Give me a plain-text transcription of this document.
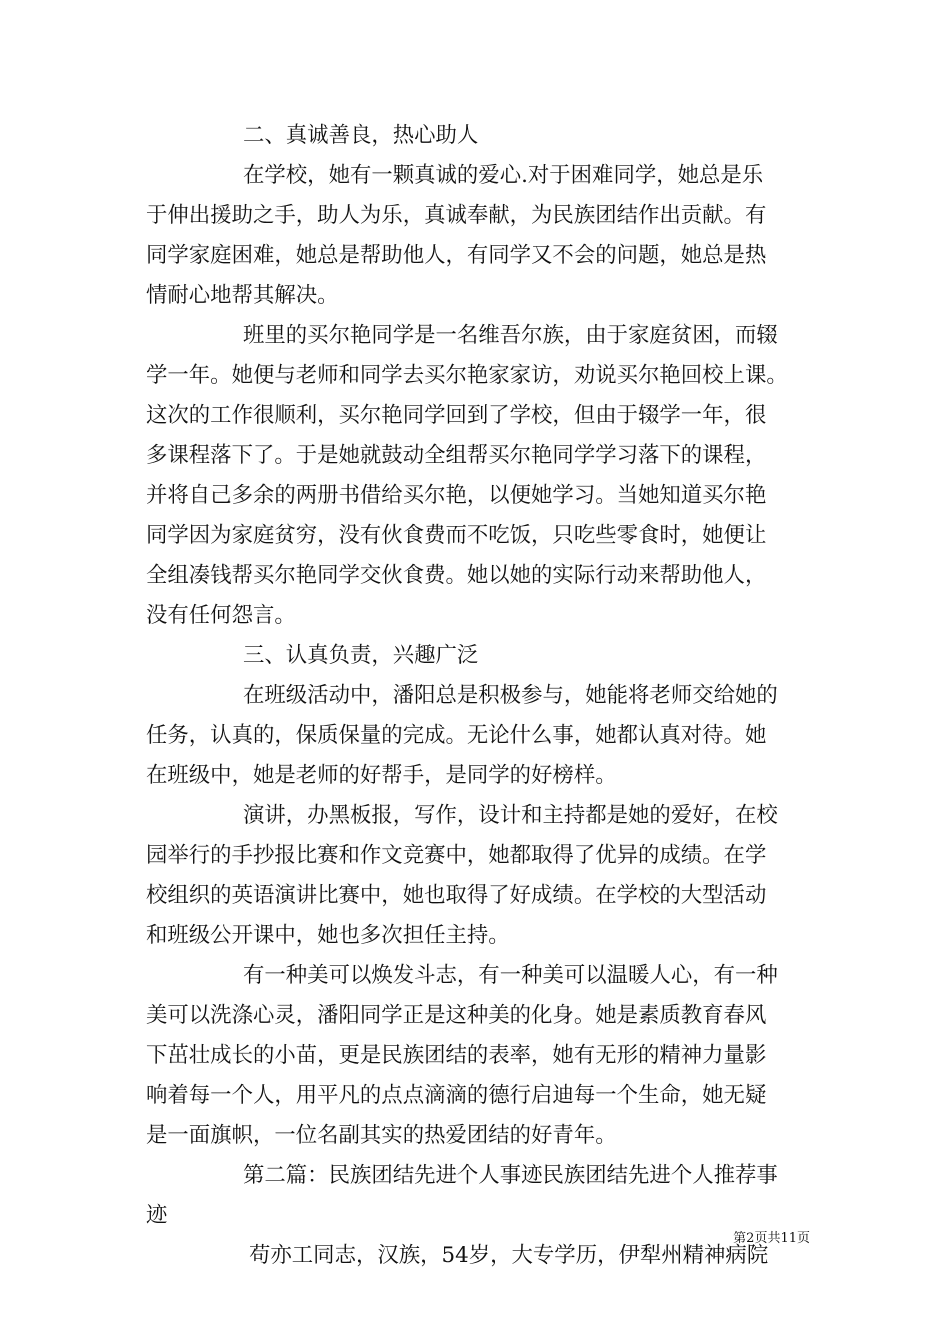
二、真诚善良，热心助人
在学校，她有一颗真诚的爱心.对于困难同学，她总是乐
于伸出援助之手，助人为乐，真诚奉献，为民族团结作出贡献。有
同学家庭困难，她总是帮助他人，有同学又不会的问题，她总是热
情耐心地帮其解决。
班里的买尔艳同学是一名维吾尔族，由于家庭贫困，而辍
学一年。她便与老师和同学去买尔艳家家访，劝说买尔艳回校上课。
这次的工作很顺利，买尔艳同学回到了学校，但由于辍学一年，很
多课程落下了。于是她就鼓动全组帮买尔艳同学学习落下的课程，
并将自己多余的两册书借给买尔艳，以便她学习。当她知道买尔艳
同学因为家庭贫穷，没有伙食费而不吃饭，只吃些零食时，她便让
全组凑钱帮买尔艳同学交伙食费。她以她的实际行动来帮助他人，
没有任何怨言。
三、认真负责，兴趣广泛
在班级活动中，潘阳总是积极参与，她能将老师交给她的
任务，认真的，保质保量的完成。无论什么事，她都认真对待。她
在班级中，她是老师的好帮手，是同学的好榜样。
演讲，办黑板报，写作，设计和主持都是她的爱好，在校
园举行的手抄报比赛和作文竞赛中，她都取得了优异的成绩。在学
校组织的英语演讲比赛中，她也取得了好成绩。在学校的大型活动
和班级公开课中，她也多次担任主持。
有一种美可以焕发斗志，有一种美可以温暖人心，有一种
美可以洗涤心灵，潘阳同学正是这种美的化身。她是素质教育春风
下茁壮成长的小苗，更是民族团结的表率，她有无形的精神力量影
响着每一个人，用平凡的点点滴滴的德行启迪每一个生命，她无疑
是一面旗帜，一位名副其实的热爱团结的好青年。
第二篇：民族团结先进个人事迹民族团结先进个人推荐事
迹
苟亦工同志，汉族，54岁，大专学历，伊犁州精神病院
第2页共11页
